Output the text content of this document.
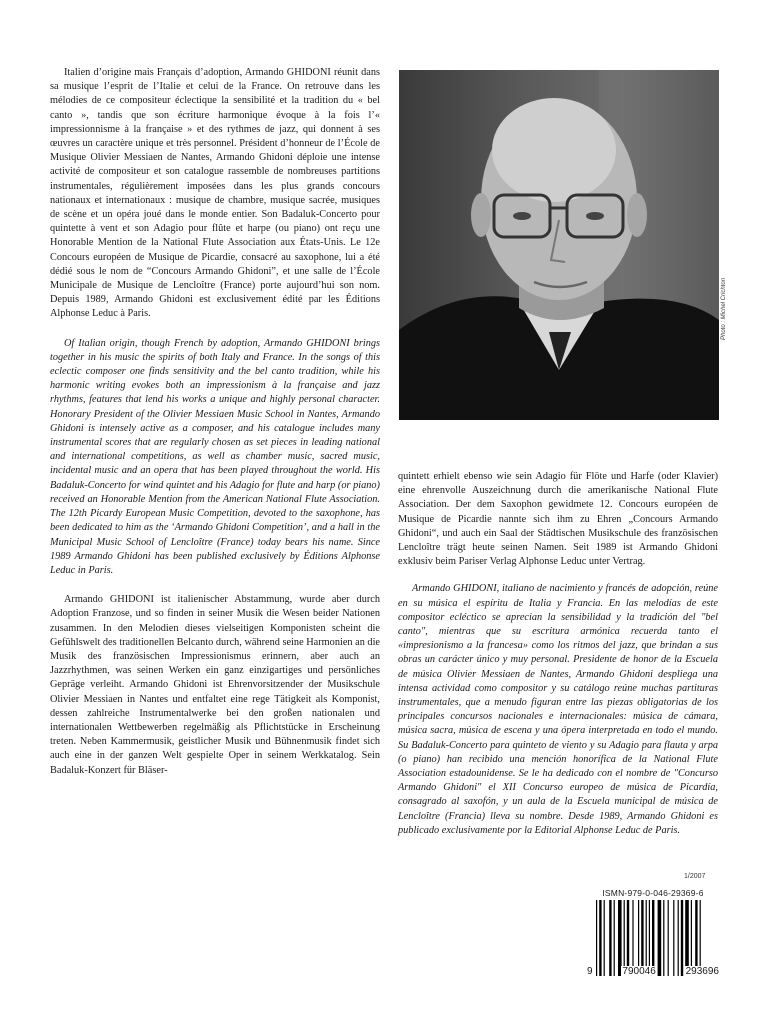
Italien d’origine mais Français d’adoption, Armando GHIDONI réunit dans sa musique l’esprit de l’Italie et celui de la France. On retrouve dans les mélodies de ce compositeur éclectique la sensibilité et la tradition du « bel canto », tandis que son écriture harmonique évoque à la fois l’« impressionnisme à la française » et des rythmes de jazz, qui donnent à ses œuvres un caractère unique et très personnel. Président d’honneur de l’École de Musique Olivier Messiaen de Nantes, Armando Ghidoni déploie une intense activité de compositeur et son catalogue rassemble de nombreuses partitions instrumentales, régulièrement imposées dans les plus grands concours nationaux et internationaux : musique de chambre, musique sacrée, musiques de scène et un opéra joué dans le monde entier. Son Badaluk-Concerto pour quintette à vent et son Adagio pour flûte et harpe (ou piano) ont reçu une Honorable Mention de la National Flute Association aux États-Unis. Le 12e Concours européen de Musique de Picardie, consacré au saxophone, lui a été dédié sous le nom de “Concours Armando Ghidoni”, et une salle de l’École Municipale de Musique de Lencloître (France) porte aujourd’hui son nom. Depuis 1989, Armando Ghidoni est exclusivement édité par les Éditions Alphonse Leduc à Paris.

Of Italian origin, though French by adoption, Armando GHIDONI brings together in his music the spirits of both Italy and France. In the songs of this eclectic composer one finds sensitivity and the bel canto tradition, while his harmonic writing evokes both an impressionism à la française and jazz rhythms, features that lend his works a unique and highly personal character. Honorary President of the Olivier Messiaen Music School in Nantes, Armando Ghidoni is intensely active as a composer, and his catalogue includes many instrumental scores that are regularly chosen as set pieces in leading national and international competitions, as well as chamber music, sacred music, incidental music and an opera that has been played throughout the world. His Badaluk-Concerto for wind quintet and his Adagio for flute and harp (or piano) received an Honorable Mention from the American National Flute Association. The 12th Picardy European Music Competition, devoted to the saxophone, has been dedicated to him as the ‘Armando Ghidoni Competition’, and a hall in the Municipal Music School of Lencloître (France) today bears his name. Since 1989 Armando Ghidoni has been published exclusively by Éditions Alphonse Leduc in Paris.

Armando GHIDONI ist italienischer Abstammung, wurde aber durch Adoption Franzose, und so finden in seiner Musik die Wesen beider Nationen zusammen. In den Melodien dieses vielseitigen Komponisten scheint die Gefühlswelt des traditionellen Belcanto durch, während seine Harmonien an die Musik des französischen Impressionismus erinnern, aber auch an Jazzrhythmen, was seinen Werken ein ganz einzigartiges und persönliches Gepräge verleiht. Armando Ghidoni ist Ehrenvorsitzender der Musikschule Olivier Messiaen in Nantes und entfaltet eine rege Tätigkeit als Komponist, dessen zahlreiche Instrumentalwerke bei den großen nationalen und internationalen Wettbewerben regelmäßig als Pflichtstücke in Erscheinung treten. Neben Kammermusik, geistlicher Musik und Bühnenmusik findet sich auch eine in der ganzen Welt gespielte Oper in seinem Werkkatalog. Sein Badaluk-Konzert für Bläser-

Photo : Michel Crichton

quintett erhielt ebenso wie sein Adagio für Flöte und Harfe (oder Klavier) eine ehrenvolle Auszeichnung durch die amerikanische National Flute Association. Der dem Saxophon gewidmete 12. Concours européen de Musique de Picardie nannte sich ihm zu Ehren „Concours Armando Ghidoni“, und auch ein Saal der Städtischen Musikschule des französischen Lencloître trägt heute seinen Namen. Seit 1989 ist Armando Ghidoni exklusiv beim Pariser Verlag Alphonse Leduc unter Vertrag.

Armando GHIDONI, italiano de nacimiento y francés de adopción, reúne en su música el espíritu de Italia y Francia. En las melodías de este compositor ecléctico se aprecian la sensibilidad y la tradición del "bel canto", mientras que su escritura armónica recuerda tanto el «impresionismo a la francesa» como los ritmos del jazz, que brindan a sus obras un carácter único y muy personal. Presidente de honor de la Escuela de música Olivier Messiaen de Nantes, Armando Ghidoni despliega una intensa actividad como compositor y su catálogo reúne muchas partituras instrumentales, que a menudo figuran entre las piezas obligatorias de los principales concursos nacionales e internacionales: música de cámara, música sacra, música de escena y una ópera interpretada en todo el mundo. Su Badaluk-Concerto para quinteto de viento y su Adagio para flauta y arpa (o piano) han recibido una mención honorífica de la National Flute Association estadounidense. Se le ha dedicado con el nombre de "Concurso Armando Ghidoni" el XII Concurso europeo de música de Picardía, consagrado al saxofón, y un aula de la Escuela municipal de música de Lencloître (Francia) lleva su nombre. Desde 1989, Armando Ghidoni es publicado exclusivamente por la Editorial Alphonse Leduc de Paris.

1/2007
ISMN-979-0-046-29369-6
9	790046	293696
